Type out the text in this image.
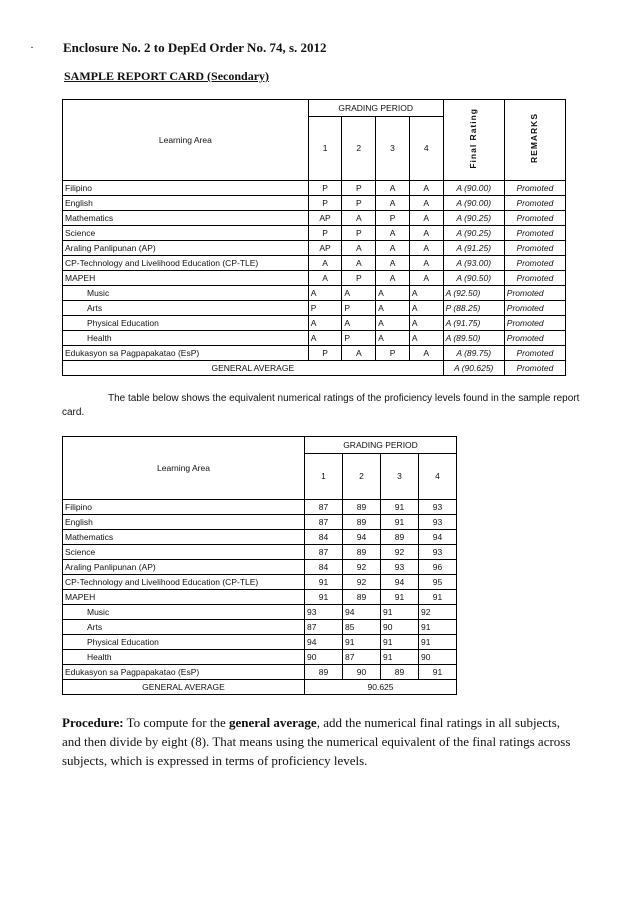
· Enclosure No. 2 to DepEd Order No. 74, s. 2012
SAMPLE REPORT CARD (Secondary)
Learning Area	GRADING PERIOD				Final Rating	REMARKS
	1	2	3	4		
Filipino	P	P	A	A	A (90.00)	Promoted
English	P	P	A	A	A (90.00)	Promoted
Mathematics	AP	A	P	A	A (90.25)	Promoted
Science	P	P	A	A	A (90.25)	Promoted
Araling Panlipunan (AP)	AP	A	A	A	A (91.25)	Promoted
CP-Technology and Livelihood Education (CP-TLE)	A	A	A	A	A (93.00)	Promoted
MAPEH	A	P	A	A	A (90.50)	Promoted
Music	A	A	A	A	A (92.50)	Promoted
Arts	P	P	A	A	P (88.25)	Promoted
Physical Education	A	A	A	A	A (91.75)	Promoted
Health	A	P	A	A	A (89.50)	Promoted
Edukasyon sa Pagpapakatao (EsP)	P	A	P	A	A (89.75)	Promoted
GENERAL AVERAGE					A (90.625)	Promoted
The table below shows the equivalent numerical ratings of the proficiency levels found in the sample report card.
Learning Area	GRADING PERIOD			
	1	2	3	4
Filipino	87	89	91	93
English	87	89	91	93
Mathematics	84	94	89	94
Science	87	89	92	93
Araling Panlipunan (AP)	84	92	93	96
CP-Technology and Livelihood Education (CP-TLE)	91	92	94	95
MAPEH	91	89	91	91
Music	93	94	91	92
Arts	87	85	90	91
Physical Education	94	91	91	91
Health	90	87	91	90
Edukasyon sa Pagpapakatao (EsP)	89	90	89	91
GENERAL AVERAGE	90.625			
Procedure: To compute for the general average, add the numerical final ratings in all subjects, and then divide by eight (8). That means using the numerical equivalent of the final ratings across subjects, which is expressed in terms of proficiency levels.
